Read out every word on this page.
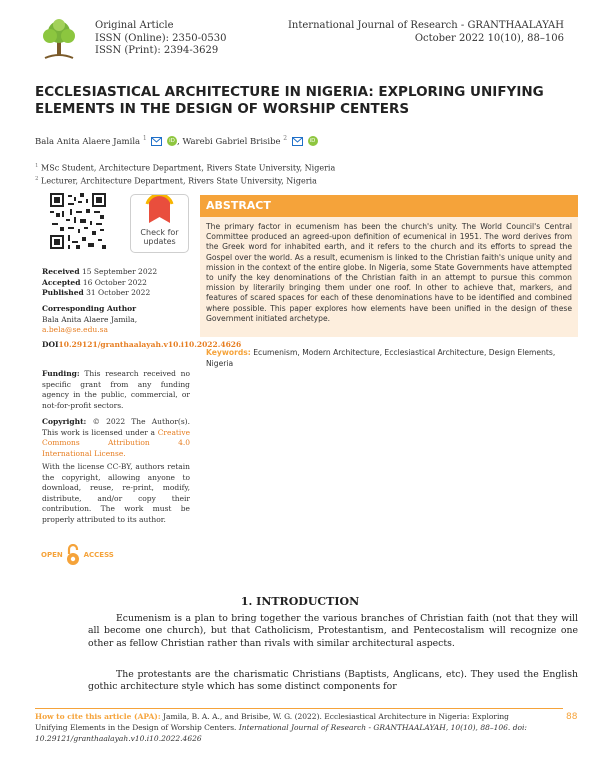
Original Article
ISSN (Online): 2350-0530
ISSN (Print): 2394-3629
International Journal of Research - GRANTHAALAYAH
October 2022 10(10), 88–106
ECCLESIASTICAL ARCHITECTURE IN NIGERIA: EXPLORING UNIFYING ELEMENTS IN THE DESIGN OF WORSHIP CENTERS
Bala Anita Alaere Jamila $^1$	iD , Warebi Gabriel Brisibe $^2$	iD
$^1$ MSc Student, Architecture Department, Rivers State University, Nigeria
$^2$ Lecturer, Architecture Department, Rivers State University, Nigeria
Check for
updates
Received 15 September 2022
Accepted 16 October 2022
Published 31 October 2022
Corresponding Author
Bala Anita Alaere Jamila,
a.bela@se.edu.sa
DOI10.29121/granthaalayah.v10.i10.2022.4626
Funding: This research received no specific grant from any funding agency in the public, commercial, or not-for-profit sectors.
Copyright: © 2022 The Author(s). This work is licensed under a Creative Commons Attribution 4.0 International License.
With the license CC-BY, authors retain the copyright, allowing anyone to download, reuse, re-print, modify, distribute, and/or copy their contribution. The work must be properly attributed to its author.
OPEN	ACCESS
ABSTRACT
The primary factor in ecumenism has been the church's unity. The World Council's Central Committee produced an agreed-upon definition of ecumenical in 1951. The word derives from the Greek word for inhabited earth, and it refers to the church and its efforts to spread the Gospel over the world. As a result, ecumenism is linked to the Christian faith's unique unity and mission in the context of the entire globe. In Nigeria, some State Governments have attempted to unify the key denominations of the Christian faith in an attempt to pursue this common mission by literarily bringing them under one roof. In other to achieve that, markers, and features of scared spaces for each of these denominations have to be identified and combined where possible. This paper explores how elements have been unified in the design of these Government initiated archetype.
Keywords: Ecumenism, Modern Architecture, Ecclesiastical Architecture, Design Elements, Nigeria
1. INTRODUCTION
Ecumenism is a plan to bring together the various branches of Christian faith (not that they will all become one church), but that Catholicism, Protestantism, and Pentecostalism will recognize one other as fellow Christian rather than rivals with similar architectural aspects.
The protestants are the charismatic Christians (Baptists, Anglicans, etc). They used the English gothic architecture style which has some distinct components for
How to cite this article (APA): Jamila, B. A. A., and Brisibe, W. G. (2022). Ecclesiastical Architecture in Nigeria: Exploring Unifying Elements in the Design of Worship Centers. International Journal of Research - GRANTHAALAYAH, 10(10), 88–106. doi: 10.29121/granthaalayah.v10.i10.2022.4626
88
